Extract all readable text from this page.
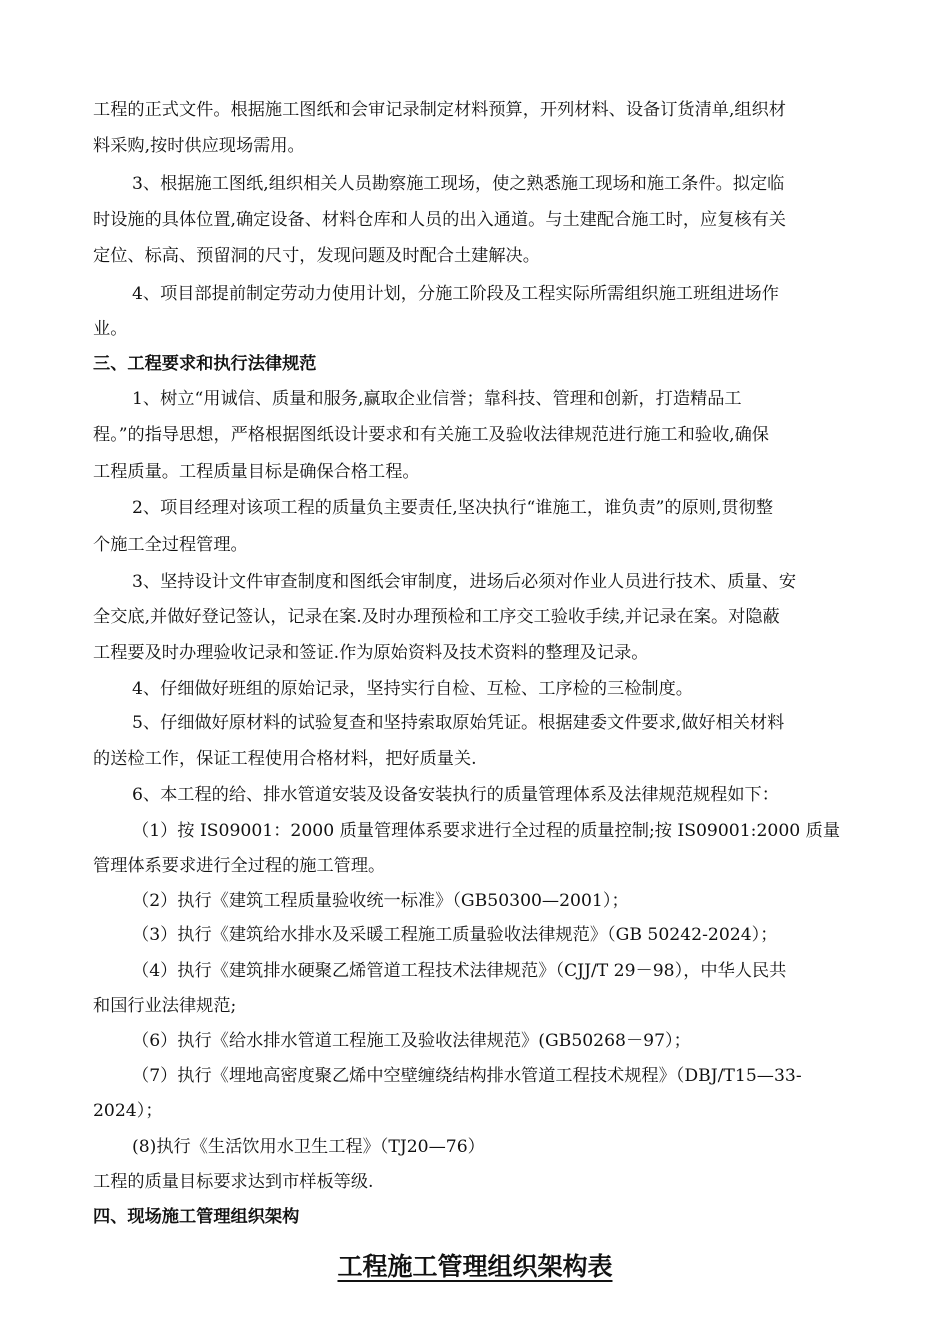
工程的正式文件。根据施工图纸和会审记录制定材料预算，开列材料、设备订货清单,组织材
料采购,按时供应现场需用。
3、根据施工图纸,组织相关人员勘察施工现场，使之熟悉施工现场和施工条件。拟定临
时设施的具体位置,确定设备、材料仓库和人员的出入通道。与土建配合施工时，应复核有关
定位、标高、预留洞的尺寸，发现问题及时配合土建解决。
4、项目部提前制定劳动力使用计划，分施工阶段及工程实际所需组织施工班组进场作
业。
三、工程要求和执行法律规范
1、树立“用诚信、质量和服务,赢取企业信誉；靠科技、管理和创新，打造精品工
程。”的指导思想，严格根据图纸设计要求和有关施工及验收法律规范进行施工和验收,确保
工程质量。工程质量目标是确保合格工程。
2、项目经理对该项工程的质量负主要责任,坚决执行“谁施工，谁负责”的原则,贯彻整
个施工全过程管理。
3、坚持设计文件审查制度和图纸会审制度，进场后必须对作业人员进行技术、质量、安
全交底,并做好登记签认，记录在案.及时办理预检和工序交工验收手续,并记录在案。对隐蔽
工程要及时办理验收记录和签证.作为原始资料及技术资料的整理及记录。
4、仔细做好班组的原始记录，坚持实行自检、互检、工序检的三检制度。
5、仔细做好原材料的试验复查和坚持索取原始凭证。根据建委文件要求,做好相关材料
的送检工作，保证工程使用合格材料，把好质量关.
6、本工程的给、排水管道安装及设备安装执行的质量管理体系及法律规范规程如下：
（1）按 IS09001：2000 质量管理体系要求进行全过程的质量控制;按 IS09001:2000 质量
管理体系要求进行全过程的施工管理。
（2）执行《建筑工程质量验收统一标准》（GB50300—2001）；
（3）执行《建筑给水排水及采暖工程施工质量验收法律规范》（GB 50242-2024）；
（4）执行《建筑排水硬聚乙烯管道工程技术法律规范》（CJJ/T 29－98），中华人民共
和国行业法律规范;
（6）执行《给水排水管道工程施工及验收法律规范》(GB50268－97）；
（7）执行《埋地高密度聚乙烯中空壁缠绕结构排水管道工程技术规程》（DBJ/T15—33-
2024）；
(8)执行《生活饮用水卫生工程》（TJ20—76）
工程的质量目标要求达到市样板等级.
四、现场施工管理组织架构
工程施工管理组织架构表
